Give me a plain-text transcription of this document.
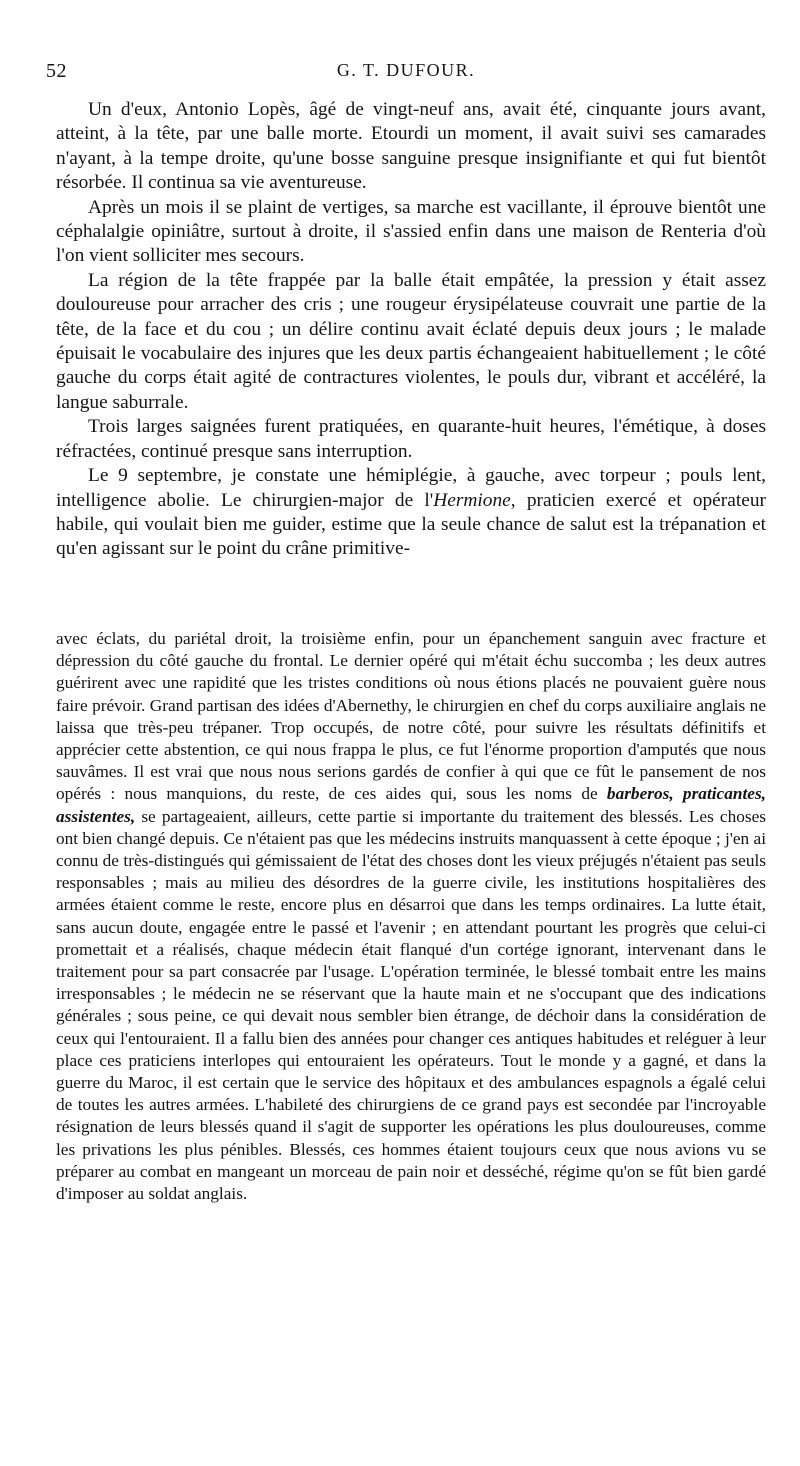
52	G. T. DUFOUR.

Un d'eux, Antonio Lopès, âgé de vingt-neuf ans, avait été, cinquante jours avant, atteint, à la tête, par une balle morte. Etourdi un moment, il avait suivi ses camarades n'ayant, à la tempe droite, qu'une bosse sanguine presque insignifiante et qui fut bientôt résorbée. Il continua sa vie aventureuse.

Après un mois il se plaint de vertiges, sa marche est vacillante, il éprouve bientôt une céphalalgie opiniâtre, surtout à droite, il s'assied enfin dans une maison de Renteria d'où l'on vient solliciter mes secours.

La région de la tête frappée par la balle était empâtée, la pression y était assez douloureuse pour arracher des cris ; une rougeur érysipélateuse couvrait une partie de la tête, de la face et du cou ; un délire continu avait éclaté depuis deux jours ; le malade épuisait le vocabulaire des injures que les deux partis échangeaient habituellement ; le côté gauche du corps était agité de contractures violentes, le pouls dur, vibrant et accéléré, la langue saburrale.

Trois larges saignées furent pratiquées, en quarante-huit heures, l'émétique, à doses réfractées, continué presque sans interruption.

Le 9 septembre, je constate une hémiplégie, à gauche, avec torpeur ; pouls lent, intelligence abolie. Le chirurgien-major de l'Hermione, praticien exercé et opérateur habile, qui voulait bien me guider, estime que la seule chance de salut est la trépanation et qu'en agissant sur le point du crâne primitive-

avec éclats, du pariétal droit, la troisième enfin, pour un épanchement sanguin avec fracture et dépression du côté gauche du frontal. Le dernier opéré qui m'était échu succomba ; les deux autres guérirent avec une rapidité que les tristes conditions où nous étions placés ne pouvaient guère nous faire prévoir. Grand partisan des idées d'Abernethy, le chirurgien en chef du corps auxiliaire anglais ne laissa que très-peu trépaner. Trop occupés, de notre côté, pour suivre les résultats définitifs et apprécier cette abstention, ce qui nous frappa le plus, ce fut l'énorme proportion d'amputés que nous sauvâmes. Il est vrai que nous nous serions gardés de confier à qui que ce fût le pansement de nos opérés : nous manquions, du reste, de ces aides qui, sous les noms de barberos, praticantes, assistentes, se partageaient, ailleurs, cette partie si importante du traitement des blessés. Les choses ont bien changé depuis. Ce n'étaient pas que les médecins instruits manquassent à cette époque ; j'en ai connu de très-distingués qui gémissaient de l'état des choses dont les vieux préjugés n'étaient pas seuls responsables ; mais au milieu des désordres de la guerre civile, les institutions hospitalières des armées étaient comme le reste, encore plus en désarroi que dans les temps ordinaires. La lutte était, sans aucun doute, engagée entre le passé et l'avenir ; en attendant pourtant les progrès que celui-ci promettait et a réalisés, chaque médecin était flanqué d'un cortége ignorant, intervenant dans le traitement pour sa part consacrée par l'usage. L'opération terminée, le blessé tombait entre les mains irresponsables ; le médecin ne se réservant que la haute main et ne s'occupant que des indications générales ; sous peine, ce qui devait nous sembler bien étrange, de déchoir dans la considération de ceux qui l'entouraient. Il a fallu bien des années pour changer ces antiques habitudes et reléguer à leur place ces praticiens interlopes qui entouraient les opérateurs. Tout le monde y a gagné, et dans la guerre du Maroc, il est certain que le service des hôpitaux et des ambulances espagnols a égalé celui de toutes les autres armées. L'habileté des chirurgiens de ce grand pays est secondée par l'incroyable résignation de leurs blessés quand il s'agit de supporter les opérations les plus douloureuses, comme les privations les plus pénibles. Blessés, ces hommes étaient toujours ceux que nous avions vu se préparer au combat en mangeant un morceau de pain noir et desséché, régime qu'on se fût bien gardé d'imposer au soldat anglais.
